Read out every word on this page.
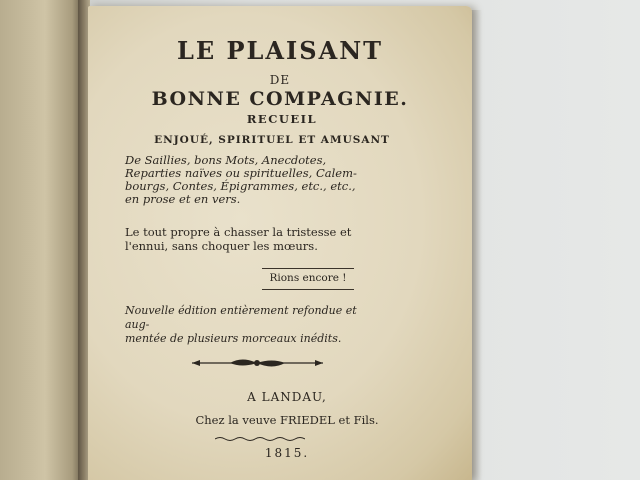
LE PLAISANT

DE

BONNE COMPAGNIE.

RECUEIL

ENJOUÉ, SPIRITUEL ET AMUSANT

De Saillies, bons Mots, Anecdotes,
Reparties naïves ou spirituelles, Calem-
bourgs, Contes, Épigrammes, etc., etc.,
en prose et en vers.
Le tout propre à chasser la tristesse et
l'ennui, sans choquer les mœurs.
Rions encore !
Nouvelle édition entièrement refondue et aug-
mentée de plusieurs morceaux inédits.

A LANDAU,

Chez la veuve FRIEDEL et Fils.

1815.
